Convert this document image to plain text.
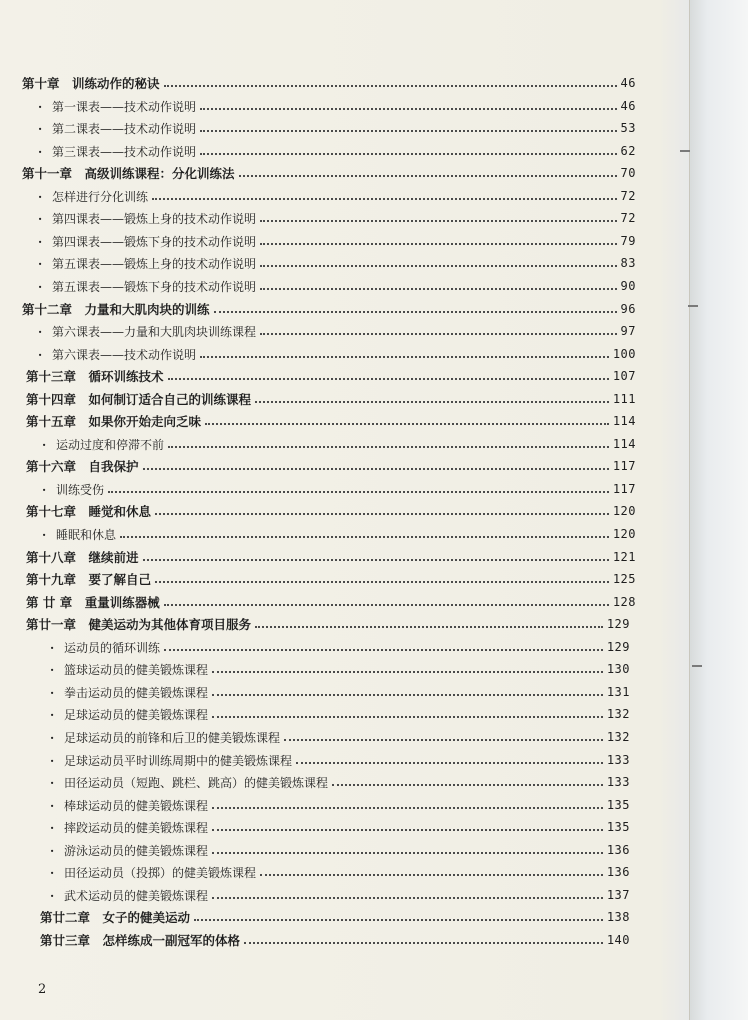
第十章　训练动作的秘诀	46
· 第一课表——技术动作说明	46
· 第二课表——技术动作说明	53
· 第三课表——技术动作说明	62
第十一章　高级训练课程：分化训练法	70
· 怎样进行分化训练	72
· 第四课表——锻炼上身的技术动作说明	72
· 第四课表——锻炼下身的技术动作说明	79
· 第五课表——锻炼上身的技术动作说明	83
· 第五课表——锻炼下身的技术动作说明	90
第十二章　力量和大肌肉块的训练	96
· 第六课表——力量和大肌肉块训练课程	97
· 第六课表——技术动作说明	100
第十三章　循环训练技术	107
第十四章　如何制订适合自己的训练课程	111
第十五章　如果你开始走向乏味	114
· 运动过度和停滞不前	114
第十六章　自我保护	117
· 训练受伤	117
第十七章　睡觉和休息	120
· 睡眠和休息	120
第十八章　继续前进	121
第十九章　要了解自己	125
第 廿 章　重量训练器械	128
第廿一章　健美运动为其他体育项目服务	129
· 运动员的循环训练	129
· 篮球运动员的健美锻炼课程	130
· 拳击运动员的健美锻炼课程	131
· 足球运动员的健美锻炼课程	132
· 足球运动员的前锋和后卫的健美锻炼课程	132
· 足球运动员平时训练周期中的健美锻炼课程	133
· 田径运动员（短跑、跳栏、跳高）的健美锻炼课程	133
· 棒球运动员的健美锻炼课程	135
· 摔跤运动员的健美锻炼课程	135
· 游泳运动员的健美锻炼课程	136
· 田径运动员（投掷）的健美锻炼课程	136
· 武术运动员的健美锻炼课程	137
第廿二章　女子的健美运动	138
第廿三章　怎样练成一副冠军的体格	140
2
